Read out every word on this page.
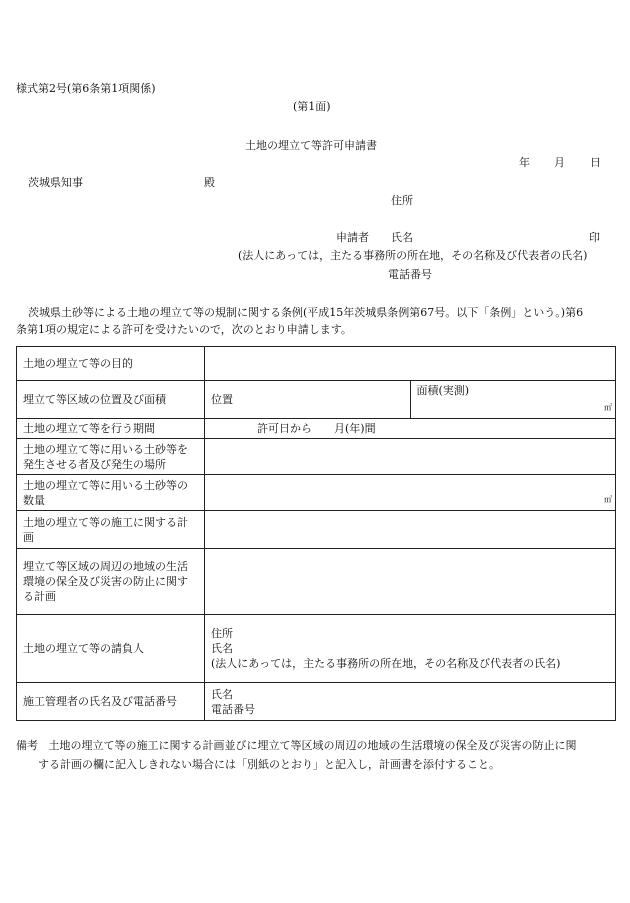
様式第2号(第6条第1項関係)
(第1面)
土地の埋立て等許可申請書
年 月 日
茨城県知事	殿
住所
申請者 氏名	印
(法人にあっては，主たる事務所の所在地，その名称及び代表者の氏名)
電話番号
茨城県土砂等による土地の埋立て等の規制に関する条例(平成15年茨城県条例第67号。以下「条例」という。)第6
条第1項の規定による許可を受けたいので，次のとおり申請します。
土地の埋立て等の目的		
埋立て等区域の位置及び面積	位置	面積(実測)
㎡

土地の埋立て等を行う期間	許可日から　　月(年)間	
土地の埋立て等に用いる土砂等を発生させる者及び発生の場所		
土地の埋立て等に用いる土砂等の数量	㎥	

土地の埋立て等の施工に関する計画		
埋立て等区域の周辺の地域の生活環境の保全及び災害の防止に関する計画		
土地の埋立て等の請負人	住所
氏名
(法人にあっては，主たる事務所の所在地，その名称及び代表者の氏名)	

施工管理者の氏名及び電話番号	氏名
電話番号	
備考 土地の埋立て等の施工に関する計画並びに埋立て等区域の周辺の地域の生活環境の保全及び災害の防止に関
する計画の欄に記入しきれない場合には「別紙のとおり」と記入し，計画書を添付すること。
